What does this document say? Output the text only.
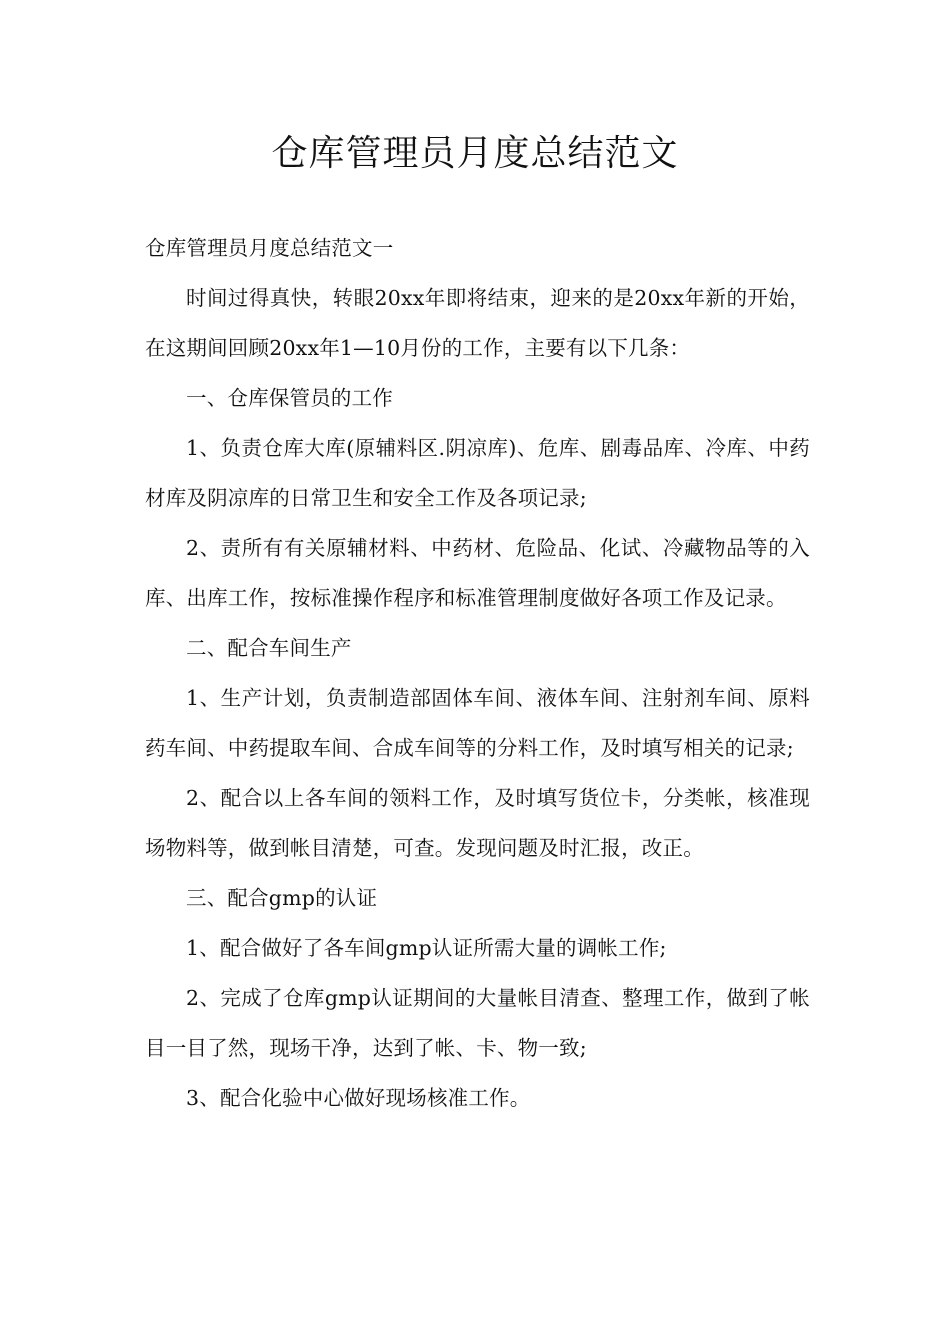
仓库管理员月度总结范文

仓库管理员月度总结范文一

时间过得真快，转眼20xx年即将结束，迎来的是20xx年新的开始，在这期间回顾20xx年1—10月份的工作，主要有以下几条：

一、仓库保管员的工作

1、负责仓库大库(原辅料区.阴凉库)、危库、剧毒品库、冷库、中药材库及阴凉库的日常卫生和安全工作及各项记录;

2、责所有有关原辅材料、中药材、危险品、化试、冷藏物品等的入库、出库工作，按标准操作程序和标准管理制度做好各项工作及记录。

二、配合车间生产

1、生产计划，负责制造部固体车间、液体车间、注射剂车间、原料药车间、中药提取车间、合成车间等的分料工作，及时填写相关的记录;

2、配合以上各车间的领料工作，及时填写货位卡，分类帐，核准现场物料等，做到帐目清楚，可查。发现问题及时汇报，改正。

三、配合gmp的认证

1、配合做好了各车间gmp认证所需大量的调帐工作;

2、完成了仓库gmp认证期间的大量帐目清查、整理工作，做到了帐目一目了然，现场干净，达到了帐、卡、物一致;

3、配合化验中心做好现场核准工作。
